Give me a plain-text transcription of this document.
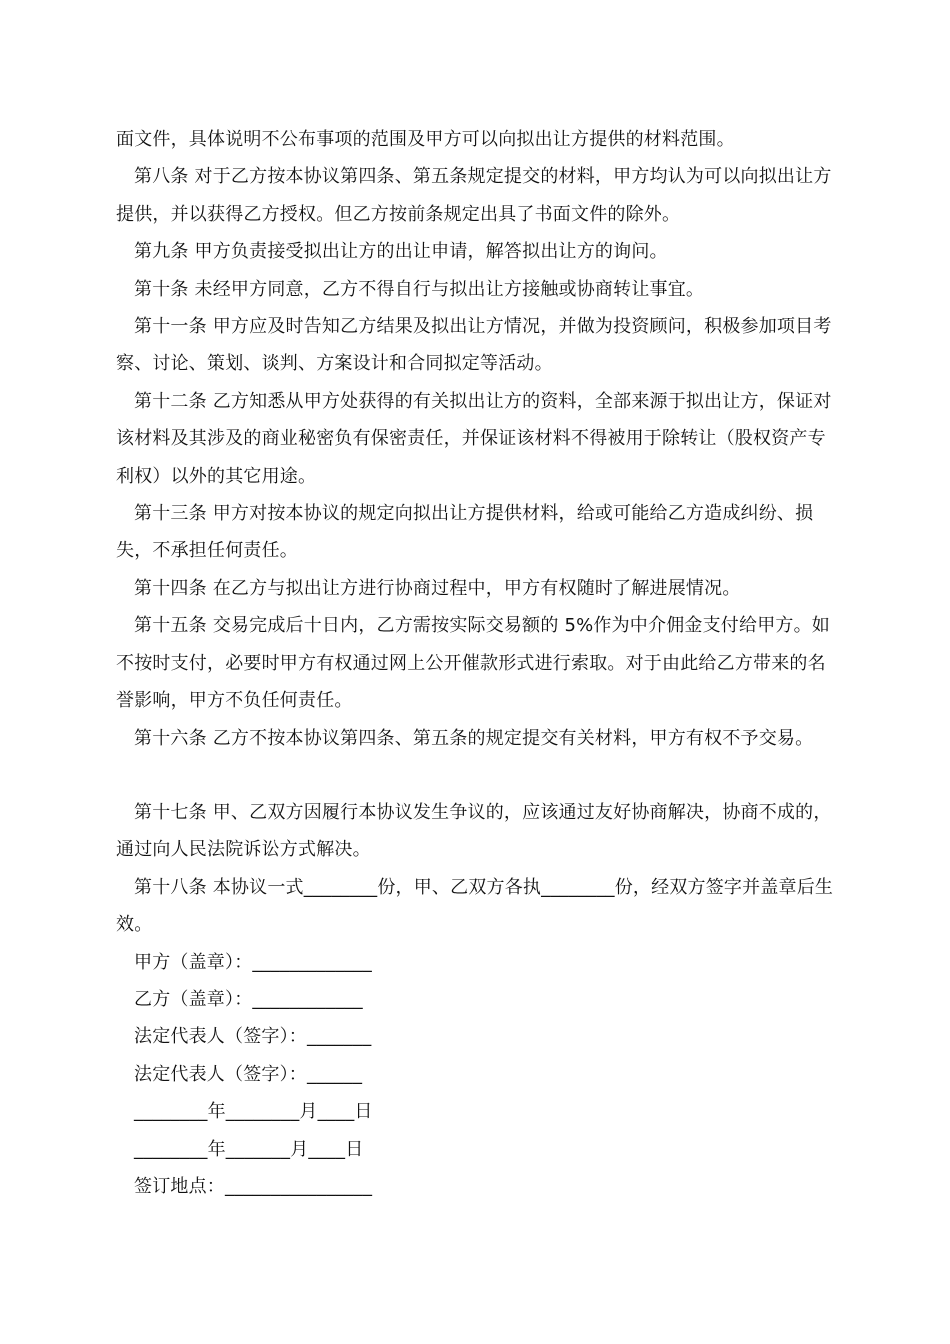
面文件，具体说明不公布事项的范围及甲方可以向拟出让方提供的材料范围。

第八条 对于乙方按本协议第四条、第五条规定提交的材料，甲方均认为可以向拟出让方提供，并以获得乙方授权。但乙方按前条规定出具了书面文件的除外。

第九条 甲方负责接受拟出让方的出让申请，解答拟出让方的询问。

第十条 未经甲方同意，乙方不得自行与拟出让方接触或协商转让事宜。

第十一条 甲方应及时告知乙方结果及拟出让方情况，并做为投资顾问，积极参加项目考察、讨论、策划、谈判、方案设计和合同拟定等活动。

第十二条 乙方知悉从甲方处获得的有关拟出让方的资料，全部来源于拟出让方，保证对该材料及其涉及的商业秘密负有保密责任，并保证该材料不得被用于除转让（股权资产专利权）以外的其它用途。

第十三条 甲方对按本协议的规定向拟出让方提供材料，给或可能给乙方造成纠纷、损失，不承担任何责任。

第十四条 在乙方与拟出让方进行协商过程中，甲方有权随时了解进展情况。

第十五条 交易完成后十日内，乙方需按实际交易额的 5%作为中介佣金支付给甲方。如不按时支付，必要时甲方有权通过网上公开催款形式进行索取。对于由此给乙方带来的名誉影响，甲方不负任何责任。

第十六条 乙方不按本协议第四条、第五条的规定提交有关材料，甲方有权不予交易。

第十七条 甲、乙双方因履行本协议发生争议的，应该通过友好协商解决，协商不成的，通过向人民法院诉讼方式解决。

第十八条 本协议一式________份，甲、乙双方各执________份，经双方签字并盖章后生效。

甲方（盖章）：_____________

乙方（盖章）：____________

法定代表人（签字）：_______

法定代表人（签字）：______

________年________月____日

________年_______月____日

签订地点：________________
